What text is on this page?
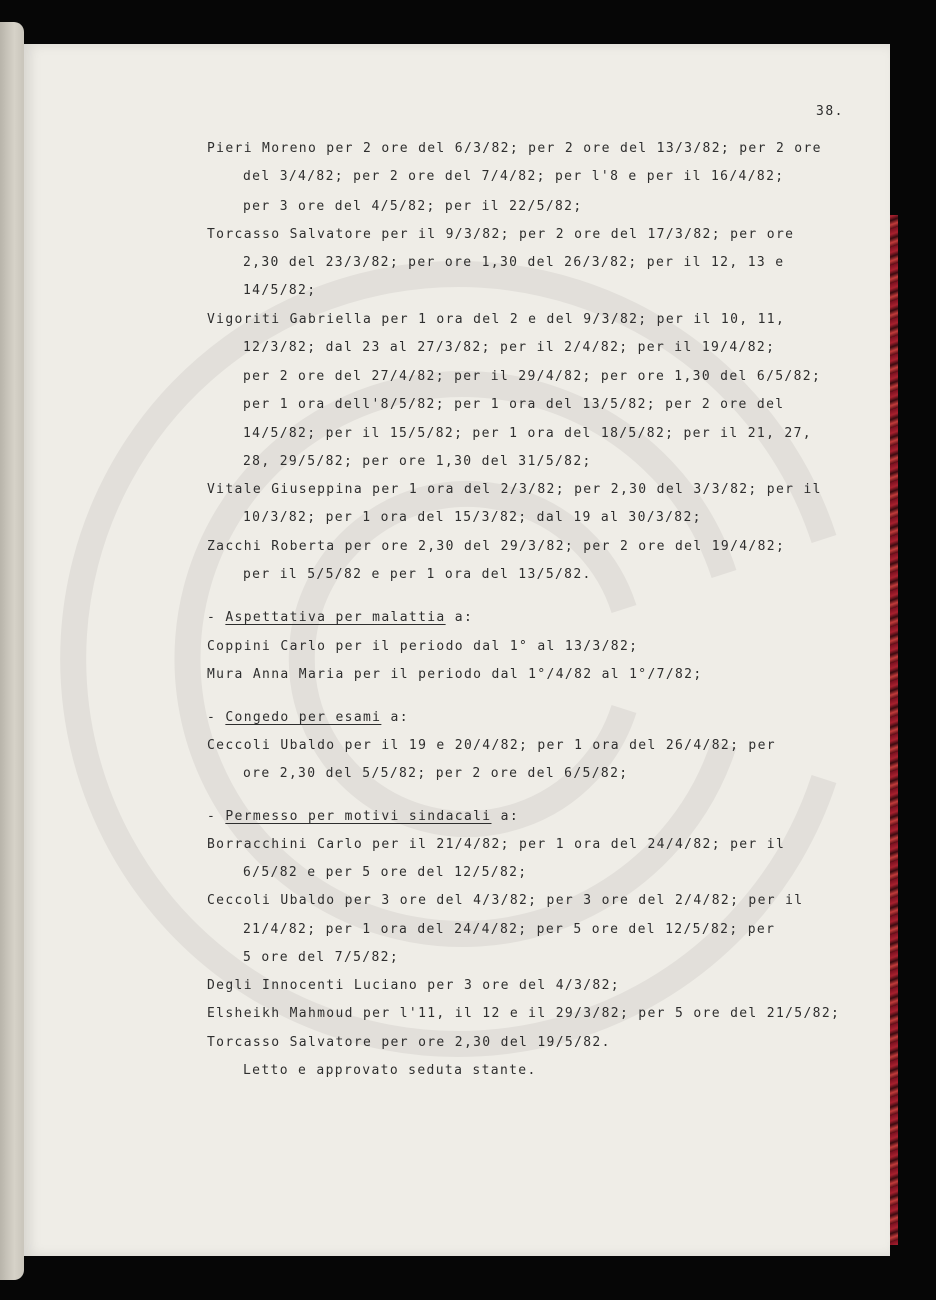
38.
Pieri Moreno per 2 ore del 6/3/82; per 2 ore del 13/3/82; per 2 ore
del 3/4/82; per 2 ore del 7/4/82; per l'8 e per il 16/4/82;
per 3 ore del 4/5/82; per il 22/5/82;
Torcasso Salvatore per il 9/3/82; per 2 ore del 17/3/82; per ore
2,30 del 23/3/82; per ore 1,30 del 26/3/82; per il 12, 13 e
14/5/82;
Vigoriti Gabriella per 1 ora del 2 e del 9/3/82; per il 10, 11,
12/3/82; dal 23 al 27/3/82; per il 2/4/82; per il 19/4/82;
per 2 ore del 27/4/82; per il 29/4/82; per ore 1,30 del 6/5/82;
per 1 ora dell'8/5/82; per 1 ora del 13/5/82; per 2 ore del
14/5/82; per il 15/5/82; per 1 ora del 18/5/82; per il 21, 27,
28, 29/5/82; per ore 1,30 del 31/5/82;
Vitale Giuseppina per 1 ora del 2/3/82; per 2,30 del 3/3/82; per il
10/3/82; per 1 ora del 15/3/82; dal 19 al 30/3/82;
Zacchi Roberta per ore 2,30 del 29/3/82; per 2 ore del 19/4/82;
per il 5/5/82 e per 1 ora del 13/5/82.
- Aspettativa per malattia a:
Coppini Carlo per il periodo dal 1° al 13/3/82;
Mura Anna Maria per il periodo dal 1°/4/82 al 1°/7/82;
- Congedo per esami a:
Ceccoli Ubaldo per il 19 e 20/4/82; per 1 ora del 26/4/82; per
ore 2,30 del 5/5/82; per 2 ore del 6/5/82;
- Permesso per motivi sindacali a:
Borracchini Carlo per il 21/4/82; per 1 ora del 24/4/82; per il
6/5/82 e per 5 ore del 12/5/82;
Ceccoli Ubaldo per 3 ore del 4/3/82; per 3 ore del 2/4/82; per il
21/4/82; per 1 ora del 24/4/82; per 5 ore del 12/5/82; per
5 ore del 7/5/82;
Degli Innocenti Luciano per 3 ore del 4/3/82;
Elsheikh Mahmoud per l'11, il 12 e il 29/3/82; per 5 ore del 21/5/82;
Torcasso Salvatore per ore 2,30 del 19/5/82.
Letto e approvato seduta stante.
